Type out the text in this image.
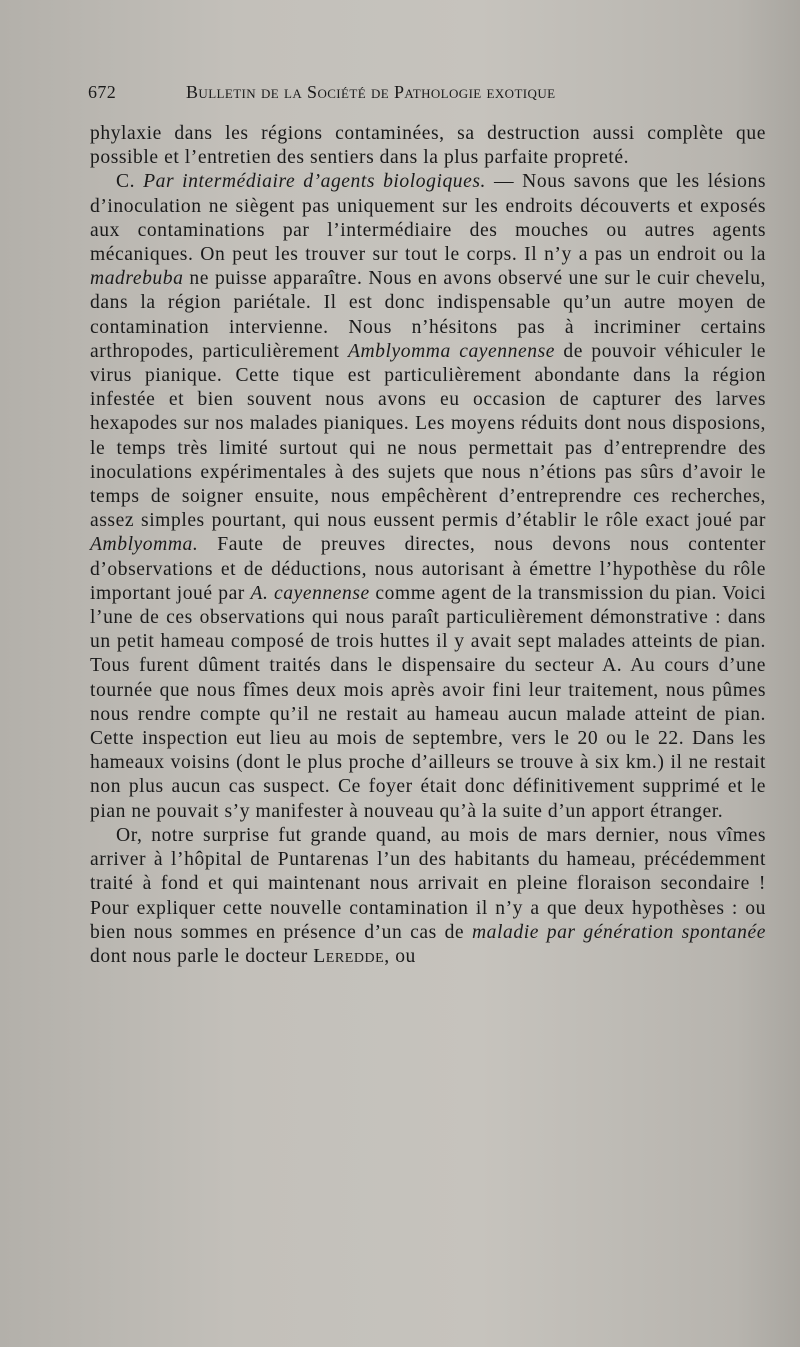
672	Bulletin de la Société de Pathologie exotique

phylaxie dans les régions contaminées, sa destruction aussi complète que possible et l’entretien des sentiers dans la plus parfaite propreté.

C. Par intermédiaire d’agents biologiques. — Nous savons que les lésions d’inoculation ne siègent pas uniquement sur les endroits découverts et exposés aux contaminations par l’intermédiaire des mouches ou autres agents mécaniques. On peut les trouver sur tout le corps. Il n’y a pas un endroit ou la madrebuba ne puisse apparaître. Nous en avons observé une sur le cuir chevelu, dans la région pariétale. Il est donc indispensable qu’un autre moyen de contamination intervienne. Nous n’hésitons pas à incriminer certains arthropodes, particulièrement Amblyomma cayennense de pouvoir véhiculer le virus pianique. Cette tique est particulièrement abondante dans la région infestée et bien souvent nous avons eu occasion de capturer des larves hexapodes sur nos malades pianiques. Les moyens réduits dont nous disposions, le temps très limité surtout qui ne nous permettait pas d’entreprendre des inoculations expérimentales à des sujets que nous n’étions pas sûrs d’avoir le temps de soigner ensuite, nous empêchèrent d’entreprendre ces recherches, assez simples pourtant, qui nous eussent permis d’établir le rôle exact joué par Amblyomma. Faute de preuves directes, nous devons nous contenter d’observations et de déductions, nous autorisant à émettre l’hypothèse du rôle important joué par A. cayennense comme agent de la transmission du pian. Voici l’une de ces observations qui nous paraît particulièrement démonstrative : dans un petit hameau composé de trois huttes il y avait sept malades atteints de pian. Tous furent dûment traités dans le dispensaire du secteur A. Au cours d’une tournée que nous fîmes deux mois après avoir fini leur traitement, nous pûmes nous rendre compte qu’il ne restait au hameau aucun malade atteint de pian. Cette inspection eut lieu au mois de septembre, vers le 20 ou le 22. Dans les hameaux voisins (dont le plus proche d’ailleurs se trouve à six km.) il ne restait non plus aucun cas suspect. Ce foyer était donc définitivement supprimé et le pian ne pouvait s’y manifester à nouveau qu’à la suite d’un apport étranger.

Or, notre surprise fut grande quand, au mois de mars dernier, nous vîmes arriver à l’hôpital de Puntarenas l’un des habitants du hameau, précédemment traité à fond et qui maintenant nous arrivait en pleine floraison secondaire ! Pour expliquer cette nouvelle contamination il n’y a que deux hypothèses : ou bien nous sommes en présence d’un cas de maladie par génération spontanée dont nous parle le docteur Leredde, ou
